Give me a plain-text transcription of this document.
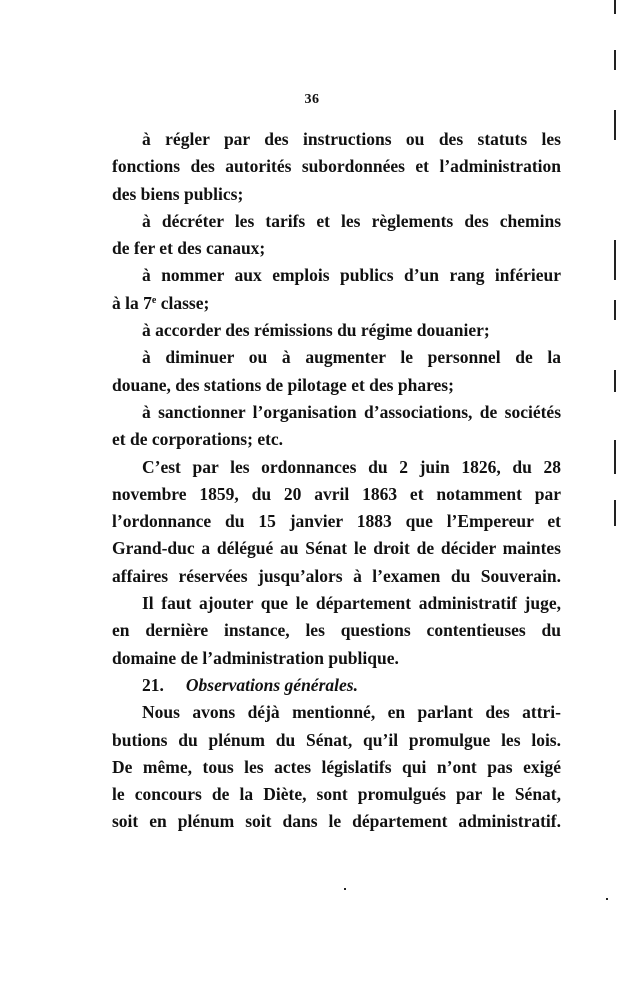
36
à régler par des instructions ou des statuts les
fonctions des autorités subordonnées et l’administration
des biens publics;
à décréter les tarifs et les règlements des chemins
de fer et des canaux;
à nommer aux emplois publics d’un rang inférieur
à la 7e classe;
à accorder des rémissions du régime douanier;
à diminuer ou à augmenter le personnel de la
douane, des stations de pilotage et des phares;
à sanctionner l’organisation d’associations, de sociétés
et de corporations; etc.
C’est par les ordonnances du 2 juin 1826, du 28
novembre 1859, du 20 avril 1863 et notamment par
l’ordonnance du 15 janvier 1883 que l’Empereur et
Grand-duc a délégué au Sénat le droit de décider maintes
affaires réservées jusqu’alors à l’examen du Souverain.
Il faut ajouter que le département administratif juge,
en dernière instance, les questions contentieuses du
domaine de l’administration publique.
21. Observations générales.
Nous avons déjà mentionné, en parlant des attri-
butions du plénum du Sénat, qu’il promulgue les lois.
De même, tous les actes législatifs qui n’ont pas exigé
le concours de la Diète, sont promulgués par le Sénat,
soit en plénum soit dans le département administratif.
